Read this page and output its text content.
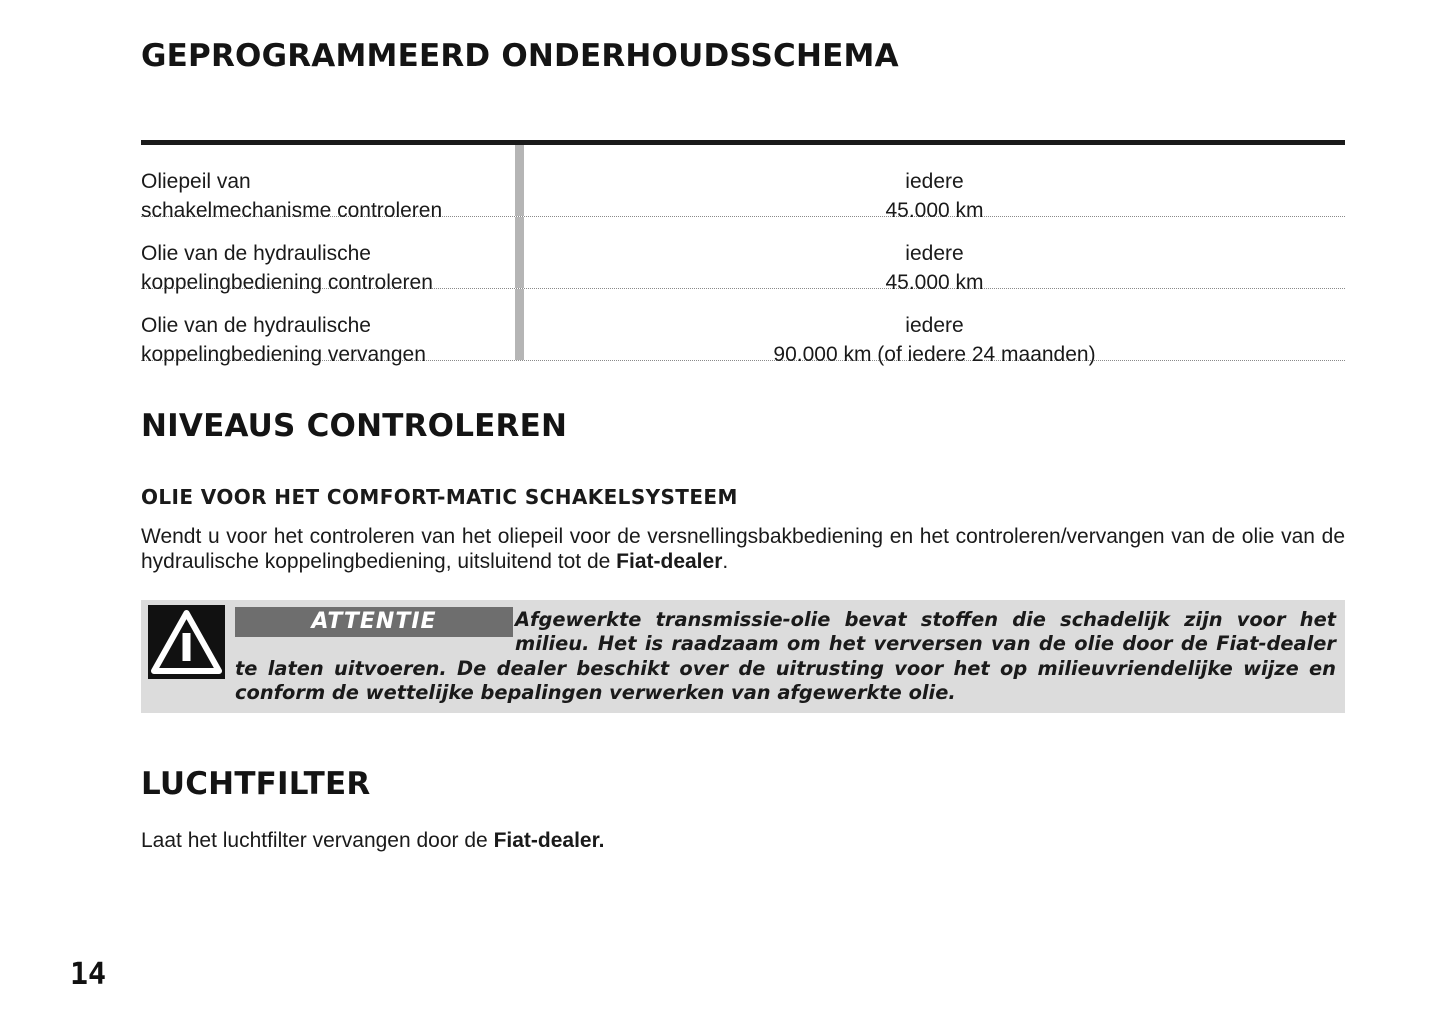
GEPROGRAMMEERD ONDERHOUDSSCHEMA
Oliepeil van
schakelmechanisme controleren
iedere
45.000 km
Olie van de hydraulische
koppelingbediening controleren
iedere
45.000 km
Olie van de hydraulische
koppelingbediening vervangen
iedere
90.000 km (of iedere 24 maanden)
NIVEAUS CONTROLEREN
OLIE VOOR HET COMFORT-MATIC SCHAKELSYSTEEM

Wendt u voor het controleren van het oliepeil voor de versnellingsbakbediening en het controleren/vervangen van de olie van de hydraulische koppelingbediening, uitsluitend tot de Fiat-dealer.

ATTENTIE	Afgewerkte transmissie-olie bevat stoffen die schadelijk zijn voor het milieu. Het is raadzaam om het verversen van de olie door de Fiat-dealer te laten uitvoeren. De dealer beschikt over de uitrusting voor het op milieuvriendelijke wijze en conform de wettelijke bepalingen verwerken van afgewerkte olie.
LUCHTFILTER

Laat het luchtfilter vervangen door de Fiat-dealer.

14
